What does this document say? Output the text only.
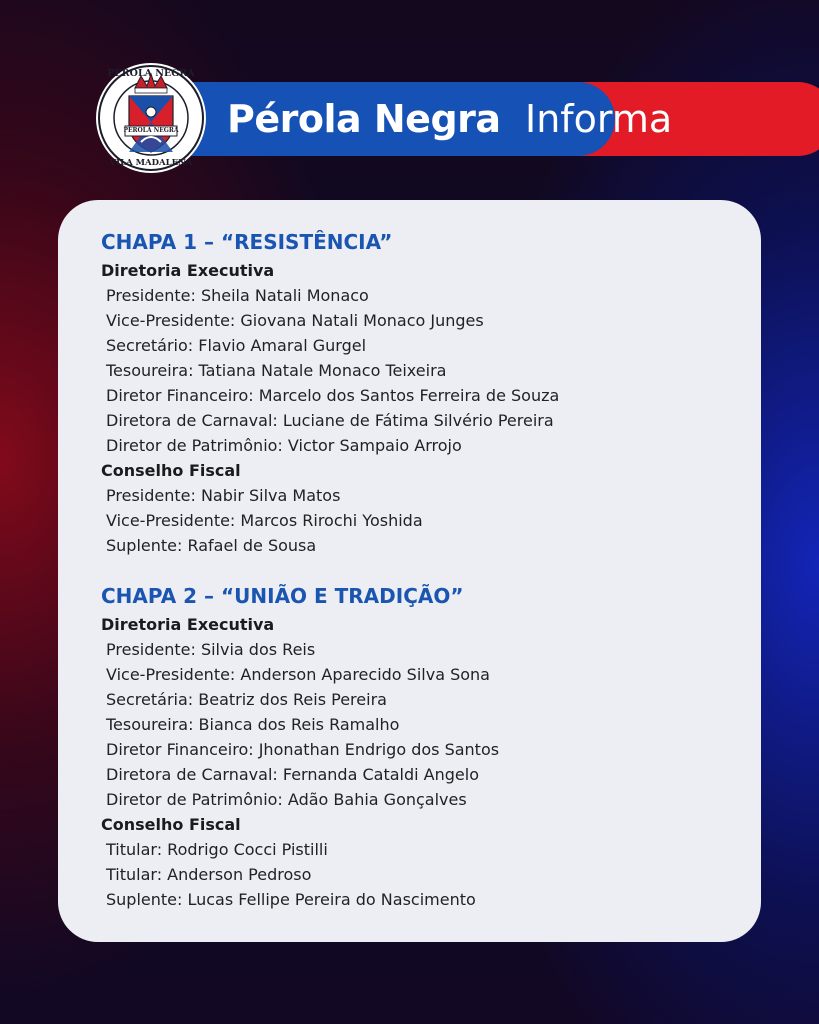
Pérola Negra Informa
PÉROLA NEGRA
PÉROLA NEGRA
VILA MADALENA
CHAPA 1 – “RESISTÊNCIA”
Diretoria Executiva
Presidente: Sheila Natali Monaco
Vice-Presidente: Giovana Natali Monaco Junges
Secretário: Flavio Amaral Gurgel
Tesoureira: Tatiana Natale Monaco Teixeira
Diretor Financeiro: Marcelo dos Santos Ferreira de Souza
Diretora de Carnaval: Luciane de Fátima Silvério Pereira
Diretor de Patrimônio: Victor Sampaio Arrojo
Conselho Fiscal
Presidente: Nabir Silva Matos
Vice-Presidente: Marcos Rirochi Yoshida
Suplente: Rafael de Sousa
CHAPA 2 – “UNIÃO E TRADIÇÃO”
Diretoria Executiva
Presidente: Silvia dos Reis
Vice-Presidente: Anderson Aparecido Silva Sona
Secretária: Beatriz dos Reis Pereira
Tesoureira: Bianca dos Reis Ramalho
Diretor Financeiro: Jhonathan Endrigo dos Santos
Diretora de Carnaval: Fernanda Cataldi Angelo
Diretor de Patrimônio: Adão Bahia Gonçalves
Conselho Fiscal
Titular: Rodrigo Cocci Pistilli
Titular: Anderson Pedroso
Suplente: Lucas Fellipe Pereira do Nascimento
